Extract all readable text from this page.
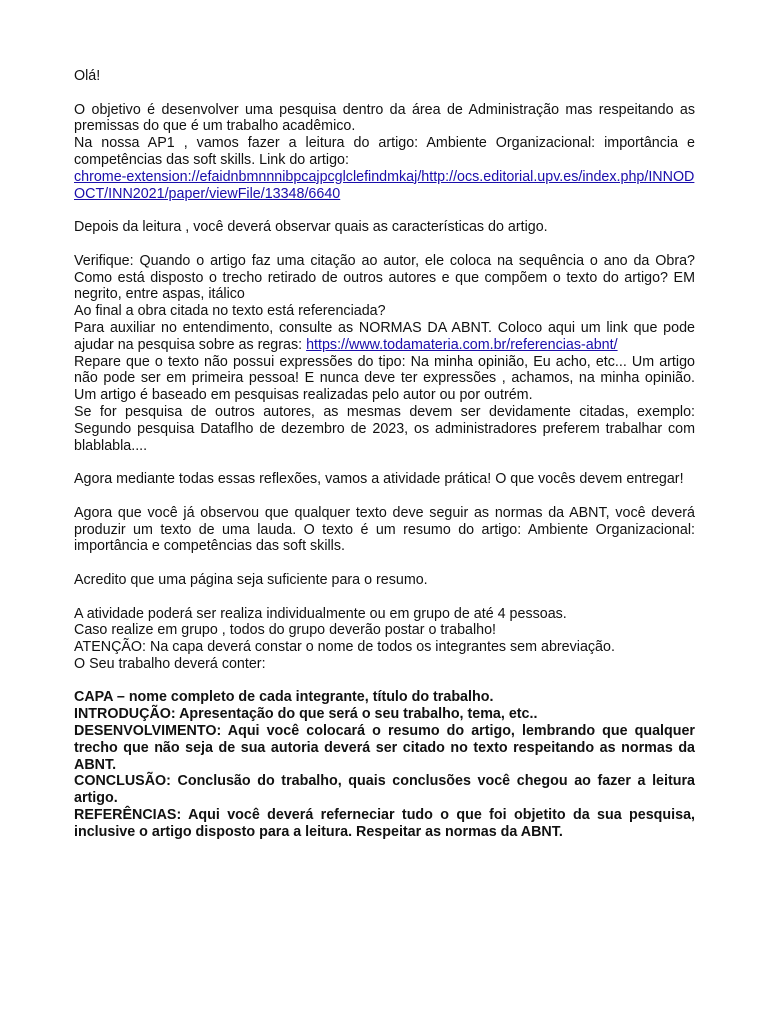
Olá!

O objetivo é desenvolver uma pesquisa dentro da área de Administração mas respeitando as premissas do que é um trabalho acadêmico.

Na nossa AP1 , vamos fazer a leitura do artigo: Ambiente Organizacional: importância e competências das soft skills. Link do artigo:

chrome-extension://efaidnbmnnnibpcajpcglclefindmkaj/http://ocs.editorial.upv.es/index.php/INNODOCT/INN2021/paper/viewFile/13348/6640

Depois da leitura , você deverá observar quais as características do artigo.

Verifique: Quando o artigo faz uma citação ao autor, ele coloca na sequência o ano da Obra? Como está disposto o trecho retirado de outros autores e que compõem o texto do artigo? EM negrito, entre aspas, itálico

Ao final a obra citada no texto está referenciada?

Para auxiliar no entendimento, consulte as NORMAS DA ABNT. Coloco aqui um link que pode ajudar na pesquisa sobre as regras: https://www.todamateria.com.br/referencias-abnt/

Repare que o texto não possui expressões do tipo: Na minha opinião, Eu acho, etc... Um artigo não pode ser em primeira pessoa! E nunca deve ter expressões , achamos, na minha opinião. Um artigo é baseado em pesquisas realizadas pelo autor ou por outrém.

Se for pesquisa de outros autores, as mesmas devem ser devidamente citadas, exemplo: Segundo pesquisa Dataflho de dezembro de 2023, os administradores preferem trabalhar com blablabla....

Agora mediante todas essas reflexões, vamos a atividade prática! O que vocês devem entregar!

Agora que você já observou que qualquer texto deve seguir as normas da ABNT, você deverá produzir um texto de uma lauda. O texto é um resumo do artigo: Ambiente Organizacional: importância e competências das soft skills.

Acredito que uma página seja suficiente para o resumo.

A atividade poderá ser realiza individualmente ou em grupo de até 4 pessoas.

Caso realize em grupo , todos do grupo deverão postar o trabalho!

ATENÇÃO: Na capa deverá constar o nome de todos os integrantes sem abreviação.

O Seu trabalho deverá conter:

CAPA – nome completo de cada integrante, título do trabalho.

INTRODUÇÃO: Apresentação do que será o seu trabalho, tema, etc..

DESENVOLVIMENTO: Aqui você colocará o resumo do artigo, lembrando que qualquer trecho que não seja de sua autoria deverá ser citado no texto respeitando as normas da ABNT.

CONCLUSÃO: Conclusão do trabalho, quais conclusões você chegou ao fazer a leitura artigo.

REFERÊNCIAS: Aqui você deverá referneciar tudo o que foi objetito da sua pesquisa, inclusive o artigo disposto para a leitura. Respeitar as normas da ABNT.
